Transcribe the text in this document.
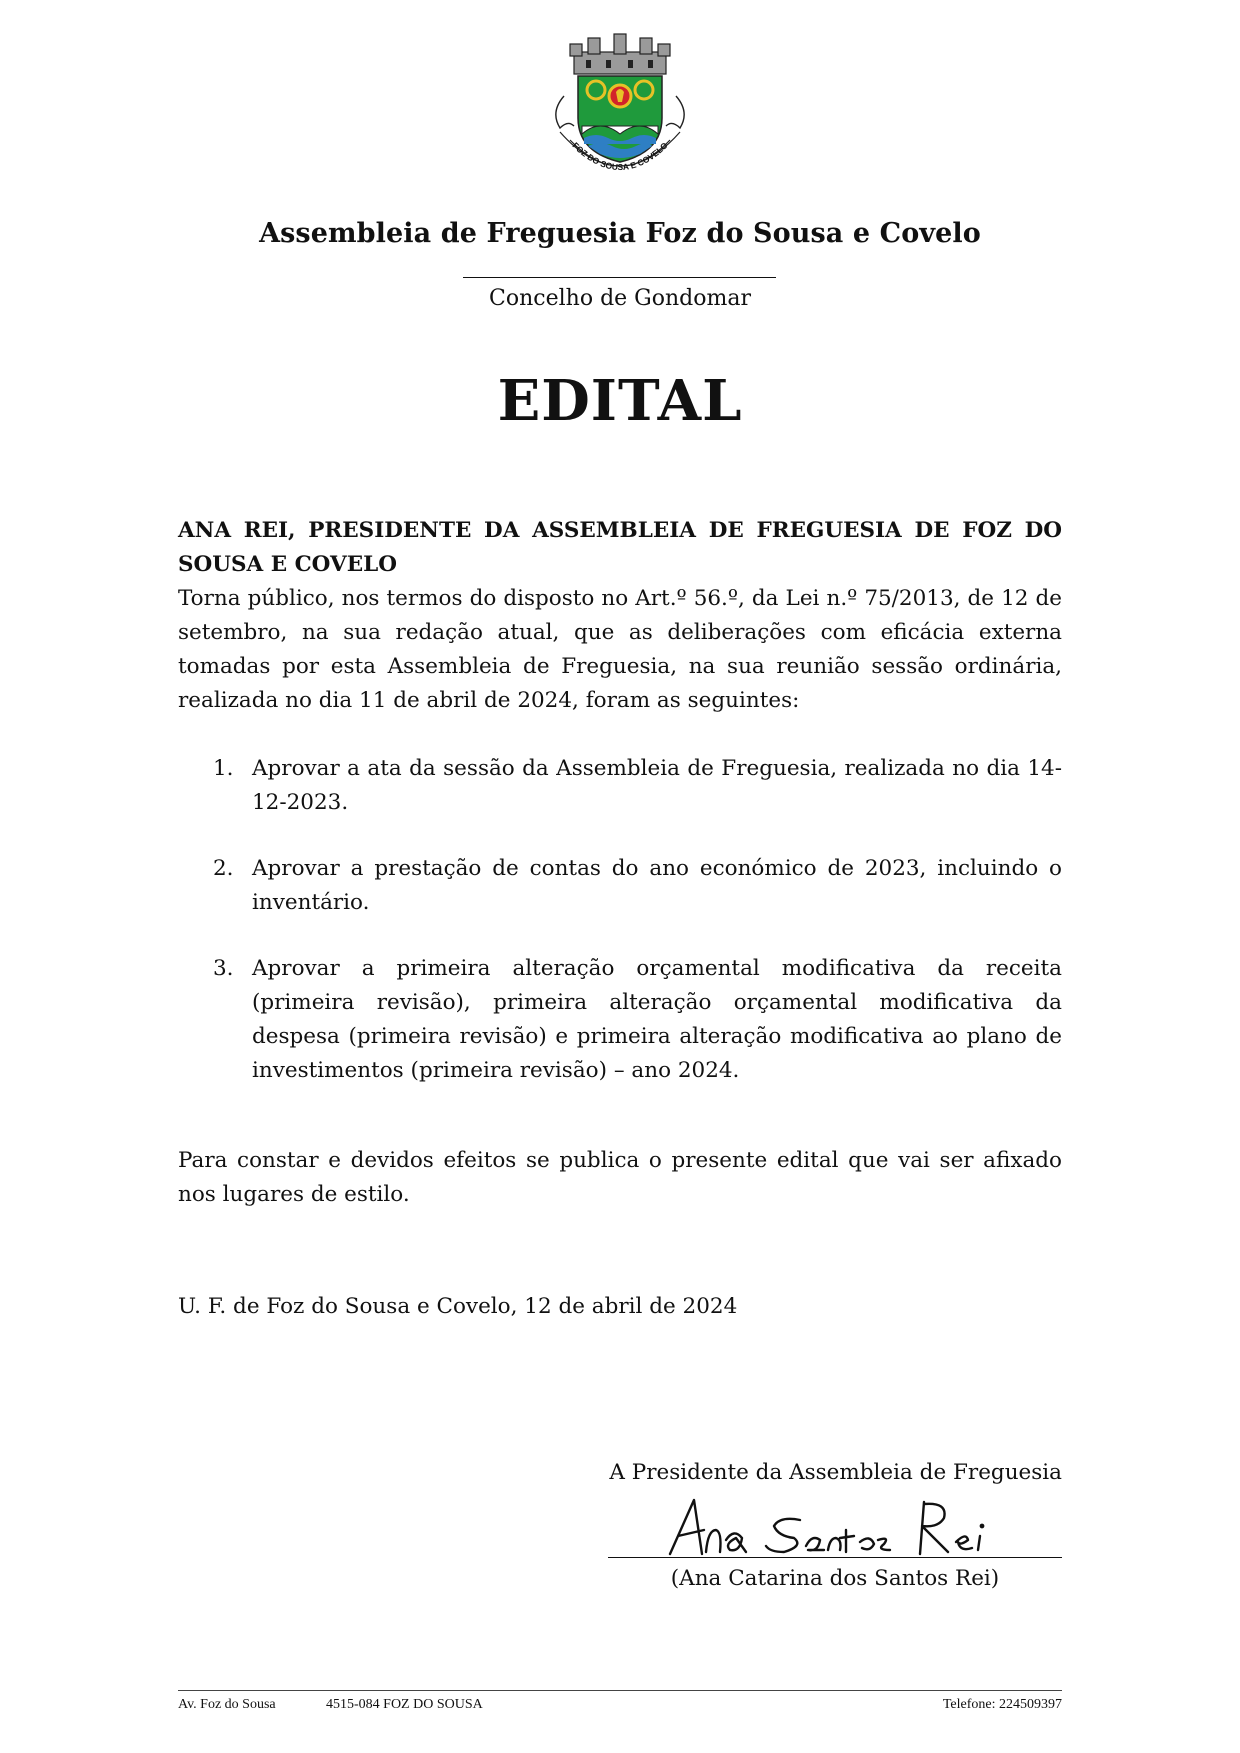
FOZ DO SOUSA E COVELO
Assembleia de Freguesia Foz do Sousa e Covelo
Concelho de Gondomar
EDITAL
ANA REI, PRESIDENTE DA ASSEMBLEIA DE FREGUESIA DE FOZ DO SOUSA E COVELO
Torna público, nos termos do disposto no Art.º 56.º, da Lei n.º 75/2013, de 12 de setembro, na sua redação atual, que as deliberações com eficácia externa tomadas por esta Assembleia de Freguesia, na sua reunião sessão ordinária, realizada no dia 11 de abril de 2024, foram as seguintes:
1. Aprovar a ata da sessão da Assembleia de Freguesia, realizada no dia 14-12-2023.
2. Aprovar a prestação de contas do ano económico de 2023, incluindo o inventário.
3. Aprovar a primeira alteração orçamental modificativa da receita (primeira revisão), primeira alteração orçamental modificativa da despesa (primeira revisão) e primeira alteração modificativa ao plano de investimentos (primeira revisão) – ano 2024.
Para constar e devidos efeitos se publica o presente edital que vai ser afixado nos lugares de estilo.
U. F. de Foz do Sousa e Covelo, 12 de abril de 2024
A Presidente da Assembleia de Freguesia
(Ana Catarina dos Santos Rei)
Av. Foz do Sousa	4515-084 FOZ DO SOUSA	Telefone: 224509397
